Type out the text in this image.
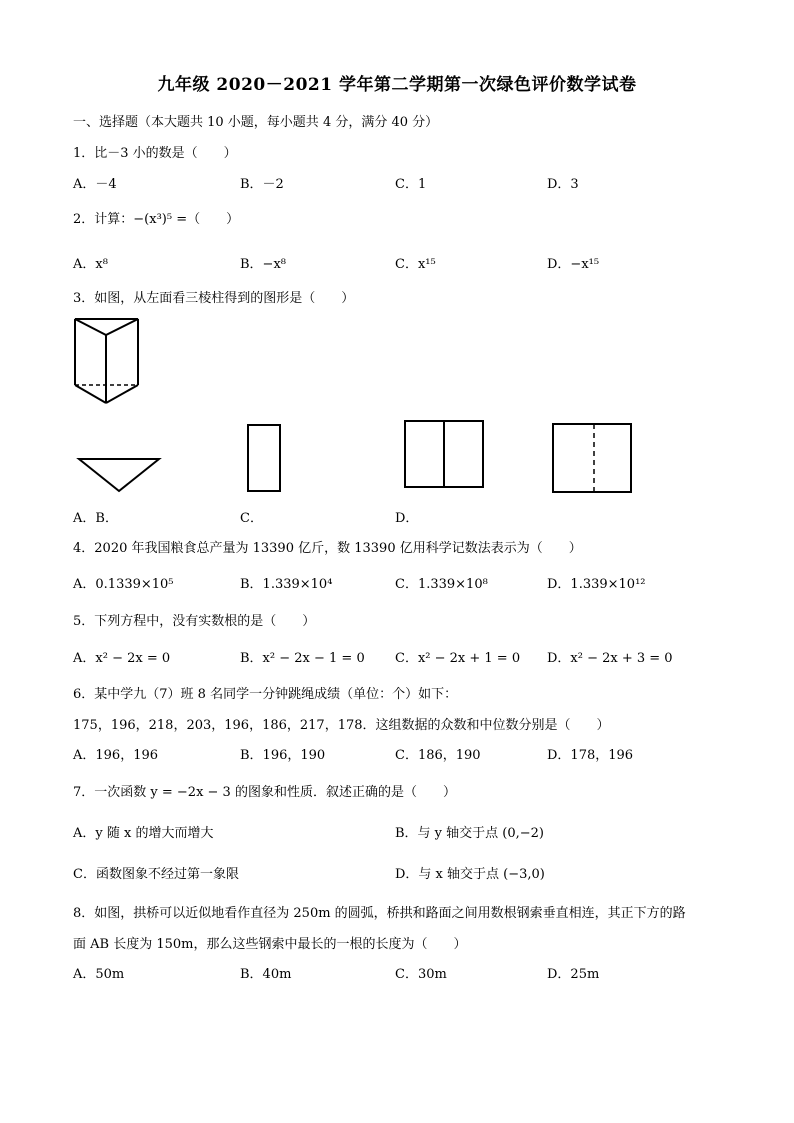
九年级 2020－2021 学年第二学期第一次绿色评价数学试卷
一、选择题（本大题共 10 小题，每小题共 4 分，满分 40 分）
1．比－3 小的数是（　　）
A．－4	B．－2	C．1	D．3
2．计算：−(x³)⁵ =（　　）
A．x⁸	B．−x⁸	C．x¹⁵	D．−x¹⁵
3．如图，从左面看三棱柱得到的图形是（　　）
A．B．	C．	D．
4．2020 年我国粮食总产量为 13390 亿斤，数 13390 亿用科学记数法表示为（　　）
A．0.1339×10⁵	B．1.339×10⁴	C．1.339×10⁸	D．1.339×10¹²
5．下列方程中，没有实数根的是（　　）
A．x² − 2x = 0	B．x² − 2x − 1 = 0 C．x² − 2x + 1 = 0 D．x² − 2x + 3 = 0
6．某中学九（7）班 8 名同学一分钟跳绳成绩（单位：个）如下：
175，196，218，203，196，186，217，178．这组数据的众数和中位数分别是（　　）
A．196，196	B．196，190	C．186，190	D．178，196
7．一次函数 y = −2x − 3 的图象和性质．叙述正确的是（　　）
A．y 随 x 的增大而增大	B．与 y 轴交于点 (0,−2)
C．函数图象不经过第一象限	D．与 x 轴交于点 (−3,0)
8．如图，拱桥可以近似地看作直径为 250m 的圆弧，桥拱和路面之间用数根钢索垂直相连，其正下方的路
面 AB 长度为 150m，那么这些钢索中最长的一根的长度为（　　）
A．50m	B．40m	C．30m	D．25m
